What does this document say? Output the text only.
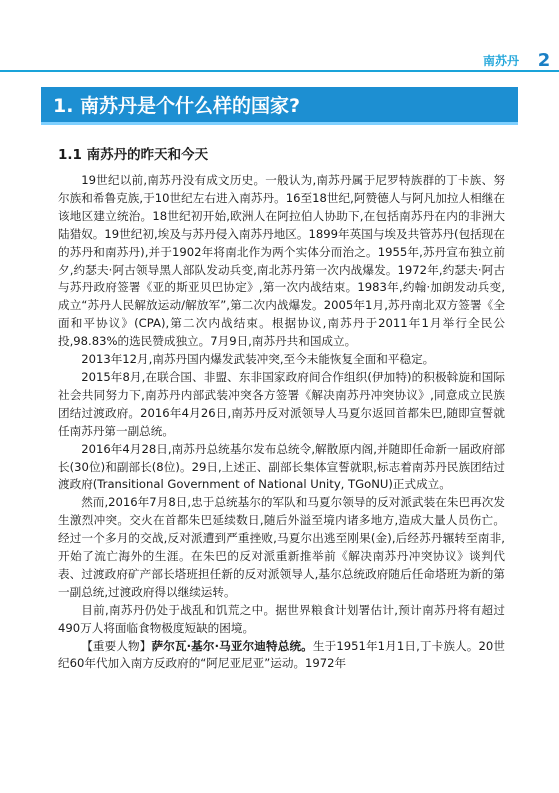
南苏丹	2
1. 南苏丹是个什么样的国家?
1.1 南苏丹的昨天和今天

19世纪以前,南苏丹没有成文历史。一般认为,南苏丹属于尼罗特族群的丁卡族、努尔族和希鲁克族,于10世纪左右进入南苏丹。16至18世纪,阿赞德人与阿凡加拉人相继在该地区建立统治。18世纪初开始,欧洲人在阿拉伯人协助下,在包括南苏丹在内的非洲大陆猎奴。19世纪初,埃及与苏丹侵入南苏丹地区。1899年英国与埃及共管苏丹(包括现在的苏丹和南苏丹),并于1902年将南北作为两个实体分而治之。1955年,苏丹宣布独立前夕,约瑟夫·阿古领导黑人部队发动兵变,南北苏丹第一次内战爆发。1972年,约瑟夫·阿古与苏丹政府签署《亚的斯亚贝巴协定》,第一次内战结束。1983年,约翰·加朗发动兵变,成立“苏丹人民解放运动/解放军”,第二次内战爆发。2005年1月,苏丹南北双方签署《全面和平协议》(CPA),第二次内战结束。根据协议,南苏丹于2011年1月举行全民公投,98.83%的选民赞成独立。7月9日,南苏丹共和国成立。

2013年12月,南苏丹国内爆发武装冲突,至今未能恢复全面和平稳定。

2015年8月,在联合国、非盟、东非国家政府间合作组织(伊加特)的积极斡旋和国际社会共同努力下,南苏丹内部武装冲突各方签署《解决南苏丹冲突协议》,同意成立民族团结过渡政府。2016年4月26日,南苏丹反对派领导人马夏尔返回首都朱巴,随即宣誓就任南苏丹第一副总统。

2016年4月28日,南苏丹总统基尔发布总统令,解散原内阁,并随即任命新一届政府部长(30位)和副部长(8位)。29日,上述正、副部长集体宣誓就职,标志着南苏丹民族团结过渡政府(Transitional Government of National Unity, TGoNU)正式成立。

然而,2016年7月8日,忠于总统基尔的军队和马夏尔领导的反对派武装在朱巴再次发生激烈冲突。交火在首都朱巴延续数日,随后外溢至境内诸多地方,造成大量人员伤亡。经过一个多月的交战,反对派遭到严重挫败,马夏尔出逃至刚果(金),后经苏丹辗转至南非,开始了流亡海外的生涯。在朱巴的反对派重新推举前《解决南苏丹冲突协议》谈判代表、过渡政府矿产部长塔班担任新的反对派领导人,基尔总统政府随后任命塔班为新的第一副总统,过渡政府得以继续运转。

目前,南苏丹仍处于战乱和饥荒之中。据世界粮食计划署估计,预计南苏丹将有超过490万人将面临食物极度短缺的困境。

【重要人物】萨尔瓦·基尔·马亚尔迪特总统。生于1951年1月1日,丁卡族人。20世纪60年代加入南方反政府的“阿尼亚尼亚”运动。1972年
